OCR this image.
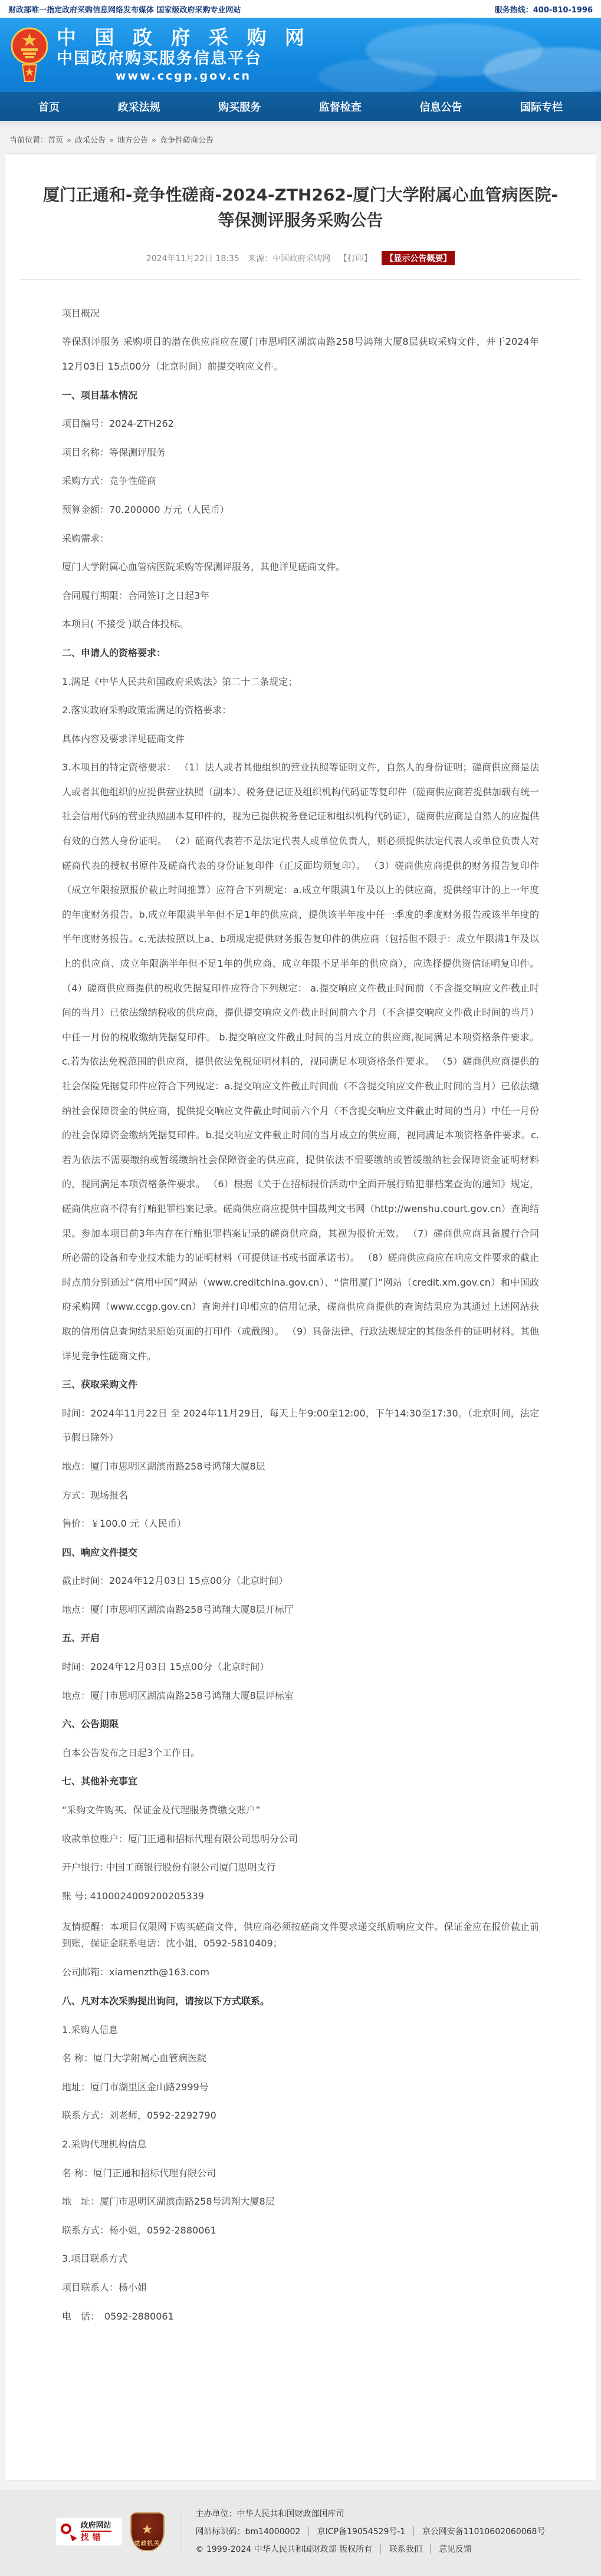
财政部唯一指定政府采购信息网络发布媒体 国家级政府采购专业网站	服务热线：400-810-1996
中 国 政 府 采 购 网
中国政府购买服务信息平台
www.ccgp.gov.cn
首页	政采法规	购买服务	监督检查	信息公告	国际专栏
当前位置：首页 » 政采公告 » 地方公告 » 竞争性磋商公告
厦门正通和-竞争性磋商-2024-ZTH262-厦门大学附属心血管病医院-等保测评服务采购公告
2024年11月22日 18:35 来源：中国政府采购网 【打印】 【显示公告概要】

项目概况

等保测评服务 采购项目的潜在供应商应在厦门市思明区湖滨南路258号鸿翔大厦8层获取采购文件，并于2024年12月03日 15点00分（北京时间）前提交响应文件。

一、项目基本情况

项目编号：2024-ZTH262

项目名称：等保测评服务

采购方式：竞争性磋商

预算金额：70.200000 万元（人民币）

采购需求：

厦门大学附属心血管病医院采购等保测评服务，其他详见磋商文件。

合同履行期限：合同签订之日起3年

本项目( 不接受 )联合体投标。

二、申请人的资格要求：

1.满足《中华人民共和国政府采购法》第二十二条规定；

2.落实政府采购政策需满足的资格要求：

具体内容及要求详见磋商文件

3.本项目的特定资格要求： （1）法人或者其他组织的营业执照等证明文件，自然人的身份证明；磋商供应商是法人或者其他组织的应提供营业执照（副本）、税务登记证及组织机构代码证等复印件（磋商供应商若提供加载有统一社会信用代码的营业执照副本复印件的，视为已提供税务登记证和组织机构代码证），磋商供应商是自然人的应提供有效的自然人身份证明。 （2）磋商代表若不是法定代表人或单位负责人，则必须提供法定代表人或单位负责人对磋商代表的授权书原件及磋商代表的身份证复印件（正反面均须复印）。 （3）磋商供应商提供的财务报告复印件（成立年限按照报价截止时间推算）应符合下列规定：a.成立年限满1年及以上的供应商，提供经审计的上一年度的年度财务报告。b.成立年限满半年但不足1年的供应商，提供该半年度中任一季度的季度财务报告或该半年度的半年度财务报告。c.无法按照以上a、b项规定提供财务报告复印件的供应商（包括但不限于：成立年限满1年及以上的供应商、成立年限满半年但不足1年的供应商、成立年限不足半年的供应商），应选择提供资信证明复印件。 （4）磋商供应商提供的税收凭据复印件应符合下列规定： a.提交响应文件截止时间前（不含提交响应文件截止时间的当月）已依法缴纳税收的供应商，提供提交响应文件截止时间前六个月（不含提交响应文件截止时间的当月）中任一月份的税收缴纳凭据复印件。 b.提交响应文件截止时间的当月成立的供应商,视同满足本项资格条件要求。 c.若为依法免税范围的供应商，提供依法免税证明材料的，视同满足本项资格条件要求。 （5）磋商供应商提供的社会保险凭据复印件应符合下列规定：a.提交响应文件截止时间前（不含提交响应文件截止时间的当月）已依法缴纳社会保障资金的供应商，提供提交响应文件截止时间前六个月（不含提交响应文件截止时间的当月）中任一月份的社会保障资金缴纳凭据复印件。b.提交响应文件截止时间的当月成立的供应商，视同满足本项资格条件要求。c.若为依法不需要缴纳或暂缓缴纳社会保障资金的供应商，提供依法不需要缴纳或暂缓缴纳社会保障资金证明材料的，视同满足本项资格条件要求。 （6）根据《关于在招标报价活动中全面开展行贿犯罪档案查询的通知》规定，磋商供应商不得有行贿犯罪档案记录。磋商供应商应提供中国裁判文书网（http://wenshu.court.gov.cn）查询结果。参加本项目前3年内存在行贿犯罪档案记录的磋商供应商，其视为报价无效。 （7）磋商供应商具备履行合同所必需的设备和专业技术能力的证明材料（可提供证书或书面承诺书）。 （8）磋商供应商应在响应文件要求的截止时点前分别通过“信用中国”网站（www.creditchina.gov.cn）、“信用厦门”网站（credit.xm.gov.cn）和中国政府采购网（www.ccgp.gov.cn）查询并打印相应的信用记录，磋商供应商提供的查询结果应为其通过上述网站获取的信用信息查询结果原始页面的打印件（或截图）。 （9）具备法律、行政法规规定的其他条件的证明材料。其他详见竞争性磋商文件。

三、获取采购文件

时间：2024年11月22日 至 2024年11月29日，每天上午9:00至12:00，下午14:30至17:30。（北京时间，法定节假日除外）

地点：厦门市思明区湖滨南路258号鸿翔大厦8层

方式：现场报名

售价：￥100.0 元（人民币）

四、响应文件提交

截止时间：2024年12月03日 15点00分（北京时间）

地点：厦门市思明区湖滨南路258号鸿翔大厦8层开标厅

五、开启

时间：2024年12月03日 15点00分（北京时间）

地点：厦门市思明区湖滨南路258号鸿翔大厦8层评标室

六、公告期限

自本公告发布之日起3个工作日。

七、其他补充事宜

“采购文件购买、保证金及代理服务费缴交账户”

收款单位账户：厦门正通和招标代理有限公司思明分公司

开户银行: 中国工商银行股份有限公司厦门思明支行

账 号: 4100024009200205339

友情提醒：本项目仅限网下购买磋商文件，供应商必须按磋商文件要求递交纸质响应文件。保证金应在报价截止前到账，保证金联系电话：沈小姐，0592-5810409；

公司邮箱：xiamenzth@163.com

八、凡对本次采购提出询问，请按以下方式联系。

1.采购人信息

名 称：厦门大学附属心血管病医院

地址：厦门市湖里区金山路2999号

联系方式：刘老师，0592-2292790

2.采购代理机构信息

名 称：厦门正通和招标代理有限公司

地　址：厦门市思明区湖滨南路258号鸿翔大厦8层

联系方式：杨小姐，0592-2880061

3.项目联系方式

项目联系人：杨小姐

电　话：　0592-2880061

政府网站
找错
★
党政机关
主办单位：中华人民共和国财政部国库司
网站标识码：bm14000002 │ 京ICP备19054529号-1 │ 京公网安备11010602060068号
© 1999-2024 中华人民共和国财政部 版权所有 │ 联系我们 │ 意见反馈
